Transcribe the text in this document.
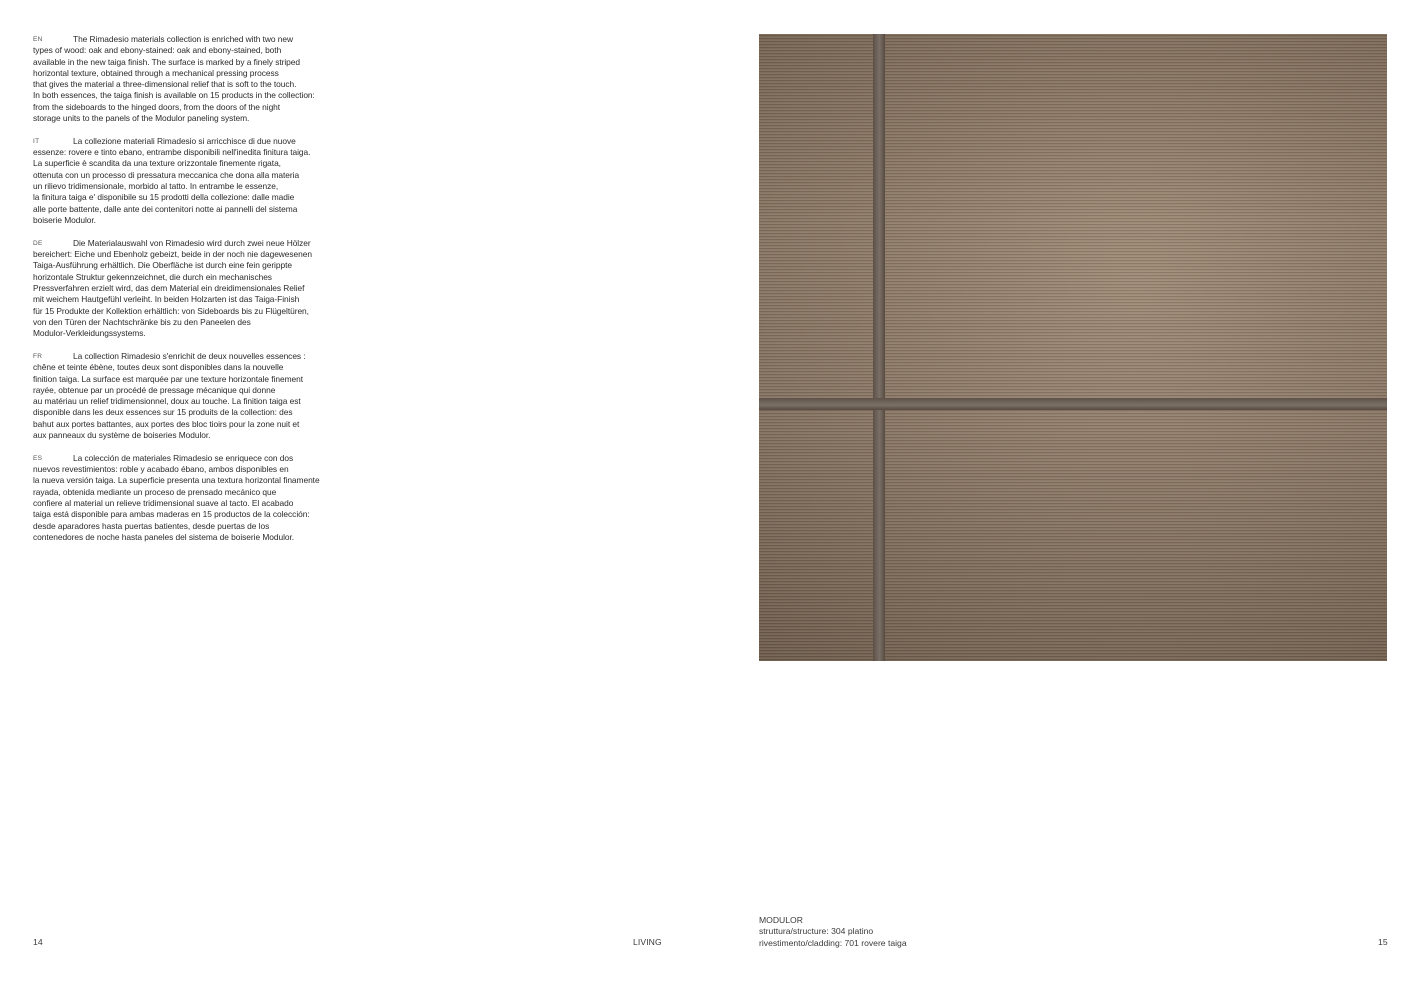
EN	The Rimadesio materials collection is enriched with two new
types of wood: oak and ebony-stained: oak and ebony-stained, both
available in the new taiga finish. The surface is marked by a finely striped
horizontal texture, obtained through a mechanical pressing process
that gives the material a three-dimensional relief that is soft to the touch.
In both essences, the taiga finish is available on 15 products in the collection:
from the sideboards to the hinged doors, from the doors of the night
storage units to the panels of the Modulor paneling system.

IT	La collezione materiali Rimadesio si arricchisce di due nuove
essenze: rovere e tinto ebano, entrambe disponibili nell'inedita finitura taiga.
La superficie è scandita da una texture orizzontale finemente rigata,
ottenuta con un processo di pressatura meccanica che dona alla materia
un rilievo tridimensionale, morbido al tatto. In entrambe le essenze,
la finitura taiga e' disponibile su 15 prodotti della collezione: dalle madie
alle porte battente, dalle ante dei contenitori notte ai pannelli del sistema
boiserie Modulor.

DE	Die Materialauswahl von Rimadesio wird durch zwei neue Hölzer
bereichert: Eiche und Ebenholz gebeizt, beide in der noch nie dagewesenen
Taiga-Ausführung erhältlich. Die Oberfläche ist durch eine fein gerippte
horizontale Struktur gekennzeichnet, die durch ein mechanisches
Pressverfahren erzielt wird, das dem Material ein dreidimensionales Relief
mit weichem Hautgefühl verleiht. In beiden Holzarten ist das Taiga-Finish
für 15 Produkte der Kollektion erhältlich: von Sideboards bis zu Flügeltüren,
von den Türen der Nachtschränke bis zu den Paneelen des
Modulor-Verkleidungssystems.

FR	La collection Rimadesio s'enrichit de deux nouvelles essences :
chêne et teinte ébène, toutes deux sont disponibles dans la nouvelle
finition taiga. La surface est marquée par une texture horizontale finement
rayée, obtenue par un procédé de pressage mécanique qui donne
au matériau un relief tridimensionnel, doux au touche. La finition taiga est
disponible dans les deux essences sur 15 produits de la collection: des
bahut aux portes battantes, aux portes des bloc tioirs pour la zone nuit et
aux panneaux du système de boiseries Modulor.

ES	La colección de materiales Rimadesio se enriquece con dos
nuevos revestimientos: roble y acabado ébano, ambos disponibles en
la nueva versión taiga. La superficie presenta una textura horizontal finamente
rayada, obtenida mediante un proceso de prensado mecánico que
confiere al material un relieve tridimensional suave al tacto. El acabado
taiga está disponible para ambas maderas en 15 productos de la colección:
desde aparadores hasta puertas batientes, desde puertas de los
contenedores de noche hasta paneles del sistema de boiserie Modulor.

14	LIVING	15
MODULOR
struttura/structure: 304 platino
rivestimento/cladding: 701 rovere taiga
